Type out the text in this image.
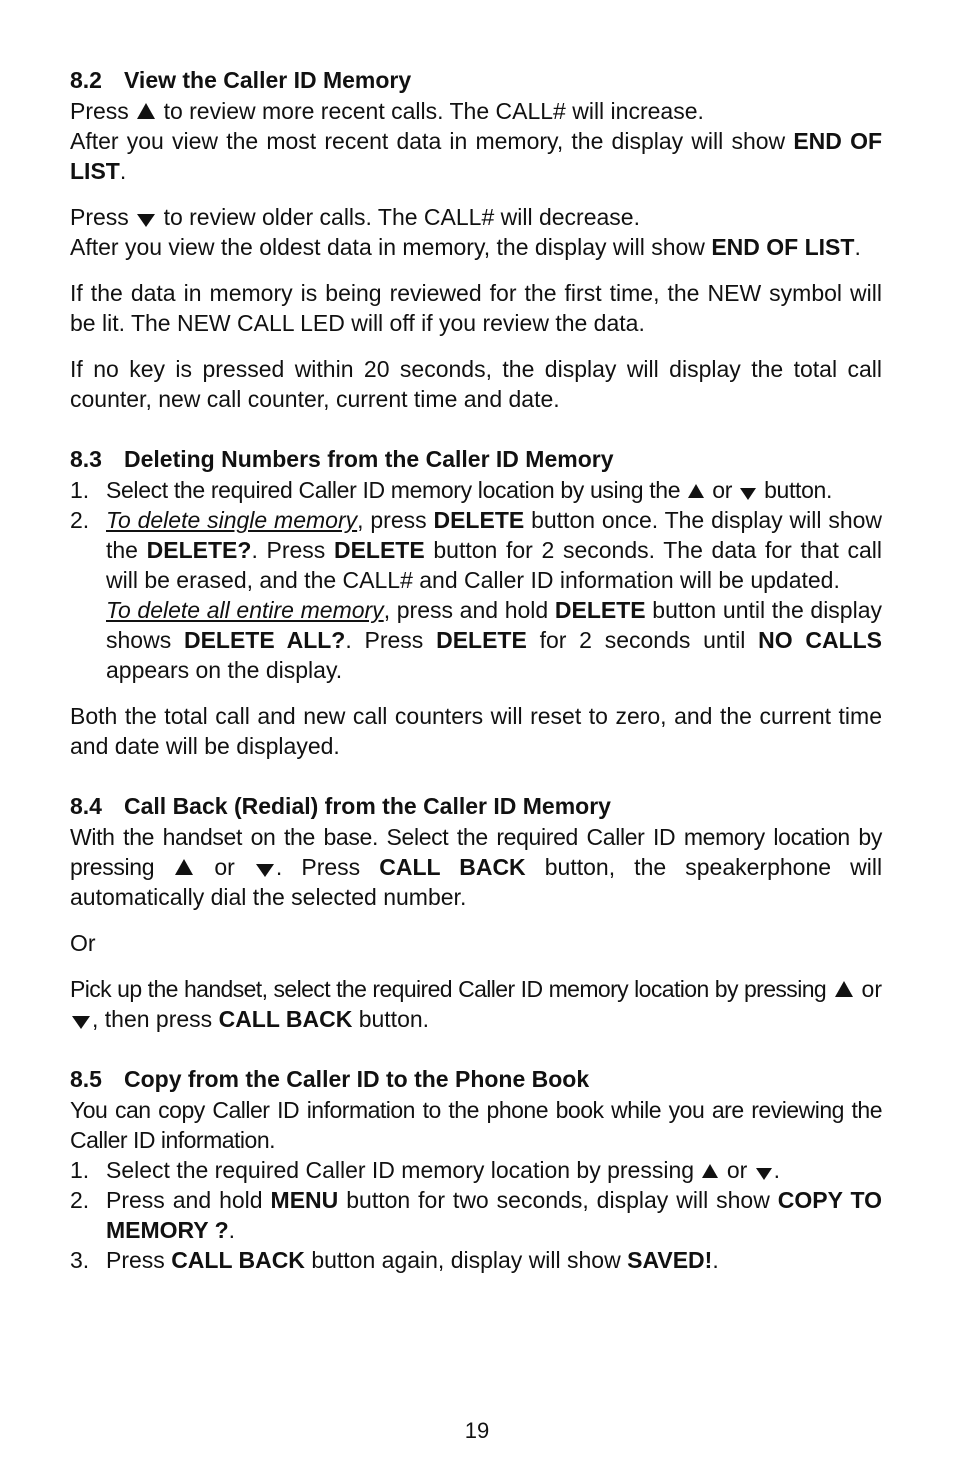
8.2 View the Caller ID Memory

Press to review more recent calls. The CALL# will increase.
After you view the most recent data in memory, the display will show END OF LIST.

Press to review older calls. The CALL# will decrease.
After you view the oldest data in memory, the display will show END OF LIST.

If the data in memory is being reviewed for the first time, the NEW symbol will be lit. The NEW CALL LED will off if you review the data.

If no key is pressed within 20 seconds, the display will display the total call counter, new call counter, current time and date.

8.3 Deleting Numbers from the Caller ID Memory
1. Select the required Caller ID memory location by using the or button.
2. To delete single memory, press DELETE button once. The display will show the DELETE?. Press DELETE button for 2 seconds. The data for that call will be erased, and the CALL# and Caller ID information will be updated.
To delete all entire memory, press and hold DELETE button until the display shows DELETE ALL?. Press DELETE for 2 seconds until NO CALLS appears on the display.

Both the total call and new call counters will reset to zero, and the current time and date will be displayed.

8.4 Call Back (Redial) from the Caller ID Memory

With the handset on the base. Select the required Caller ID memory location by pressing	or . Press CALL BACK button, the speakerphone will automatically dial the selected number.

Or

Pick up the handset, select the required Caller ID memory location by pressing or , then press CALL BACK button.

8.5 Copy from the Caller ID to the Phone Book

You can copy Caller ID information to the phone book while you are reviewing the Caller ID information.

1. Select the required Caller ID memory location by pressing or .
2. Press and hold MENU button for two seconds, display will show COPY TO MEMORY ?.
3. Press CALL BACK button again, display will show SAVED!.
19
